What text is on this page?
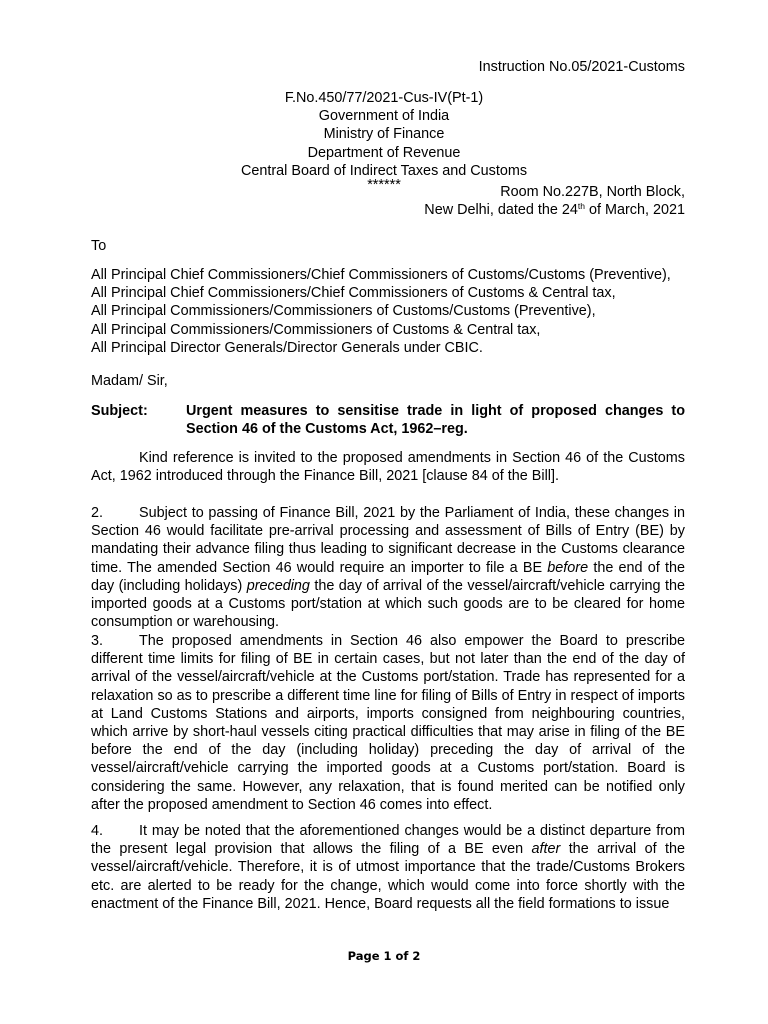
Instruction No.05/2021-Customs
F.No.450/77/2021-Cus-IV(Pt-1)
Government of India
Ministry of Finance
Department of Revenue
Central Board of Indirect Taxes and Customs
******	Room No.227B, North Block,
New Delhi, dated the 24th of March, 2021
To
All Principal Chief Commissioners/Chief Commissioners of Customs/Customs (Preventive),
All Principal Chief Commissioners/Chief Commissioners of Customs & Central tax,
All Principal Commissioners/Commissioners of Customs/Customs (Preventive),
All Principal Commissioners/Commissioners of Customs & Central tax,
All Principal Director Generals/Director Generals under CBIC.
Madam/ Sir,
Subject:	Urgent measures to sensitise trade in light of proposed changes to Section 46 of the Customs Act, 1962–reg.
Kind reference is invited to the proposed amendments in Section 46 of the Customs Act, 1962 introduced through the Finance Bill, 2021 [clause 84 of the Bill].
2. Subject to passing of Finance Bill, 2021 by the Parliament of India, these changes in Section 46 would facilitate pre-arrival processing and assessment of Bills of Entry (BE) by mandating their advance filing thus leading to significant decrease in the Customs clearance time. The amended Section 46 would require an importer to file a BE before the end of the day (including holidays) preceding the day of arrival of the vessel/aircraft/vehicle carrying the imported goods at a Customs port/station at which such goods are to be cleared for home consumption or warehousing.
3. The proposed amendments in Section 46 also empower the Board to prescribe different time limits for filing of BE in certain cases, but not later than the end of the day of arrival of the vessel/aircraft/vehicle at the Customs port/station. Trade has represented for a relaxation so as to prescribe a different time line for filing of Bills of Entry in respect of imports at Land Customs Stations and airports, imports consigned from neighbouring countries, which arrive by short-haul vessels citing practical difficulties that may arise in filing of the BE before the end of the day (including holiday) preceding the day of arrival of the vessel/aircraft/vehicle carrying the imported goods at a Customs port/station. Board is considering the same. However, any relaxation, that is found merited can be notified only after the proposed amendment to Section 46 comes into effect.
4. It may be noted that the aforementioned changes would be a distinct departure from the present legal provision that allows the filing of a BE even after the arrival of the vessel/aircraft/vehicle. Therefore, it is of utmost importance that the trade/Customs Brokers etc. are alerted to be ready for the change, which would come into force shortly with the enactment of the Finance Bill, 2021. Hence, Board requests all the field formations to issue
Page 1 of 2
